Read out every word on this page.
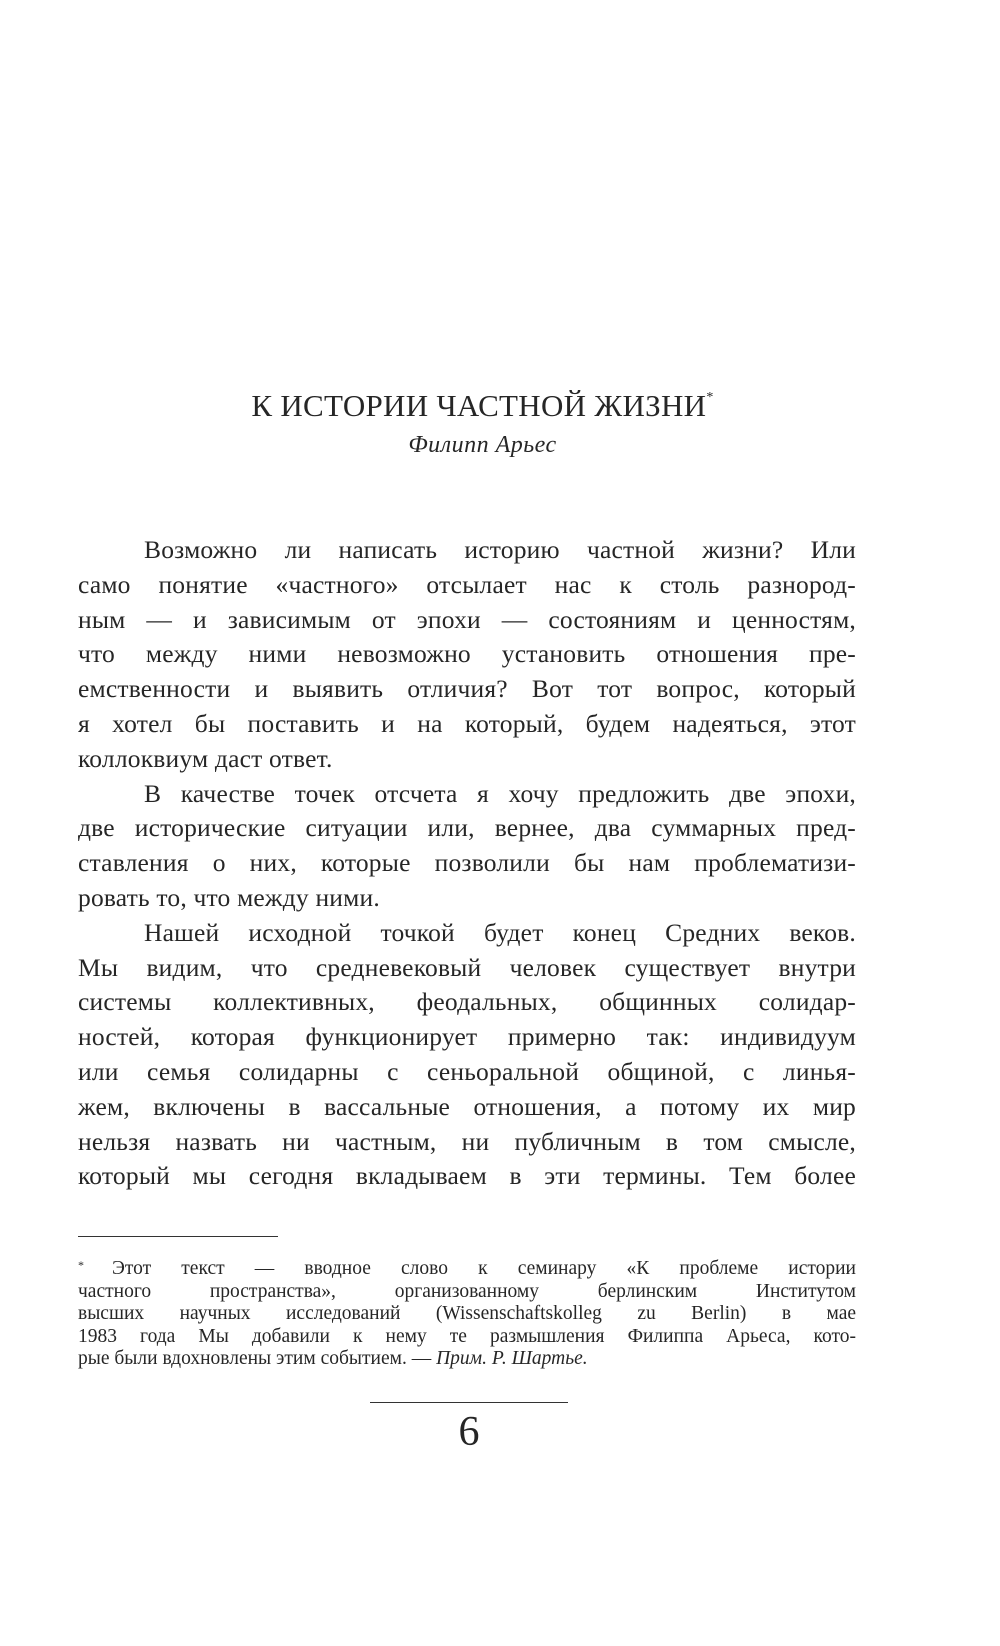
К ИСТОРИИ ЧАСТНОЙ ЖИЗНИ*
Филипп Арьес
Возможно ли написать историю частной жизни? Или
само понятие «частного» отсылает нас к столь разнород-
ным — и зависимым от эпохи — состояниям и ценностям,
что между ними невозможно установить отношения пре-
емственности и выявить отличия? Вот тот вопрос, который
я хотел бы поставить и на который, будем надеяться, этот
коллоквиум даст ответ.
В качестве точек отсчета я хочу предложить две эпохи,
две исторические ситуации или, вернее, два суммарных пред-
ставления о них, которые позволили бы нам проблематизи-
ровать то, что между ними.
Нашей исходной точкой будет конец Средних веков.
Мы видим, что средневековый человек существует внутри
системы коллективных, феодальных, общинных солидар-
ностей, которая функционирует примерно так: индивидуум
или семья солидарны с сеньоральной общиной, с линья-
жем, включены в вассальные отношения, а потому их мир
нельзя назвать ни частным, ни публичным в том смысле,
который мы сегодня вкладываем в эти термины. Тем более
* Этот текст — вводное слово к семинару «К проблеме истории
частного пространства», организованному берлинским Институтом
высших научных исследований (Wissenschaftskolleg zu Berlin) в мае
1983 года Мы добавили к нему те размышления Филиппа Арьеса, кото-
рые были вдохновлены этим событием. — Прим. Р. Шартье.
6
